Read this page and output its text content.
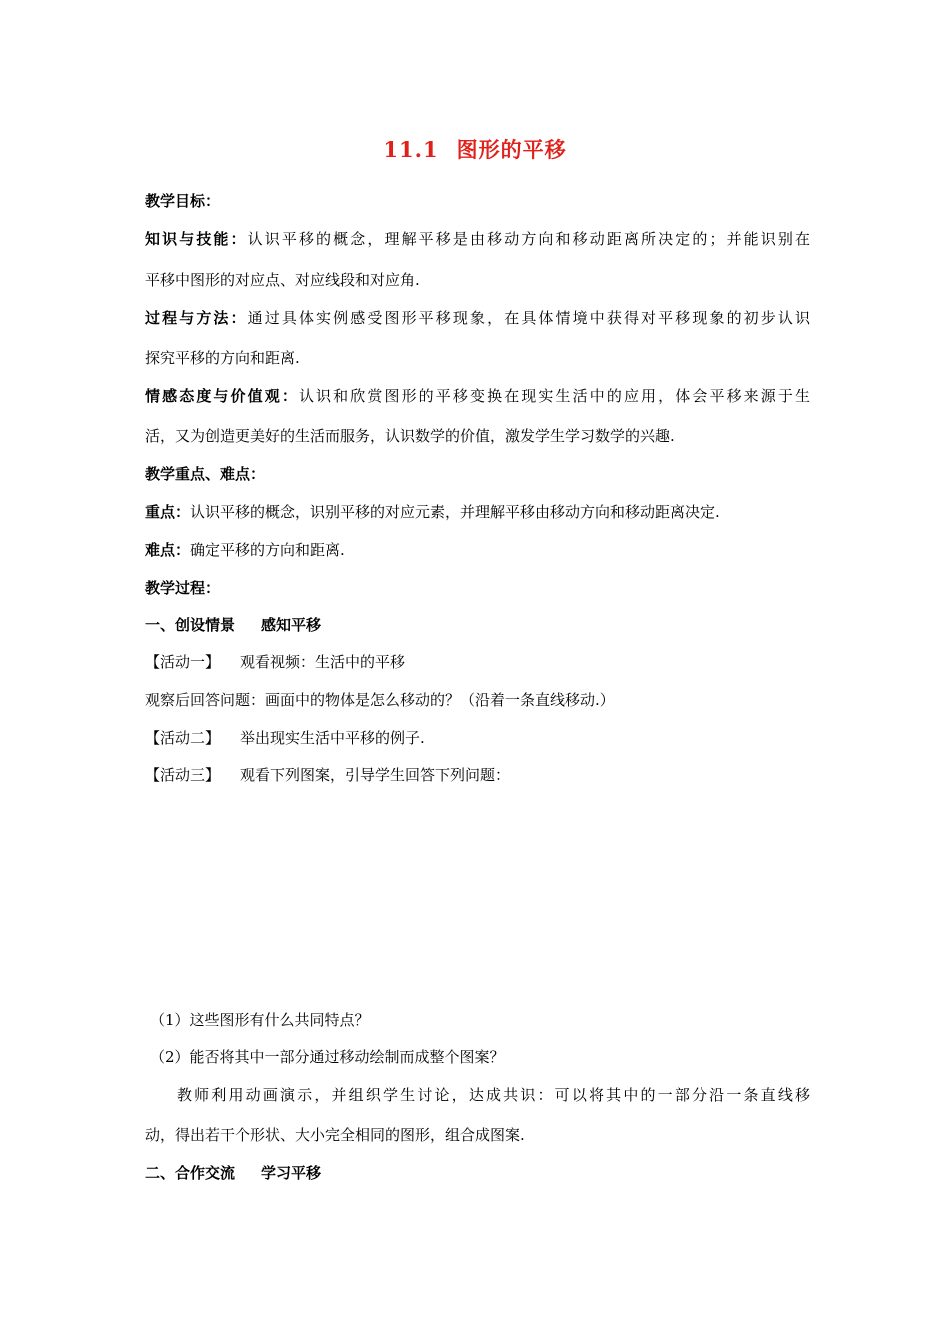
11.1 图形的平移
教学目标：
知识与技能：认识平移的概念，理解平移是由移动方向和移动距离所决定的；并能识别在
平移中图形的对应点、对应线段和对应角.
过程与方法：通过具体实例感受图形平移现象，在具体情境中获得对平移现象的初步认识
探究平移的方向和距离.
情感态度与价值观：认识和欣赏图形的平移变换在现实生活中的应用，体会平移来源于生
活，又为创造更美好的生活而服务，认识数学的价值，激发学生学习数学的兴趣.
教学重点、难点：
重点：认识平移的概念，识别平移的对应元素，并理解平移由移动方向和移动距离决定.
难点：确定平移的方向和距离.
教学过程：
一、创设情景 感知平移
【活动一】 观看视频：生活中的平移
观察后回答问题：画面中的物体是怎么移动的？（沿着一条直线移动.）
【活动二】 举出现实生活中平移的例子.
【活动三】 观看下列图案，引导学生回答下列问题：
（1）这些图形有什么共同特点？
（2）能否将其中一部分通过移动绘制而成整个图案？
教师利用动画演示，并组织学生讨论，达成共识：可以将其中的一部分沿一条直线移
动，得出若干个形状、大小完全相同的图形，组合成图案.
二、合作交流 学习平移
